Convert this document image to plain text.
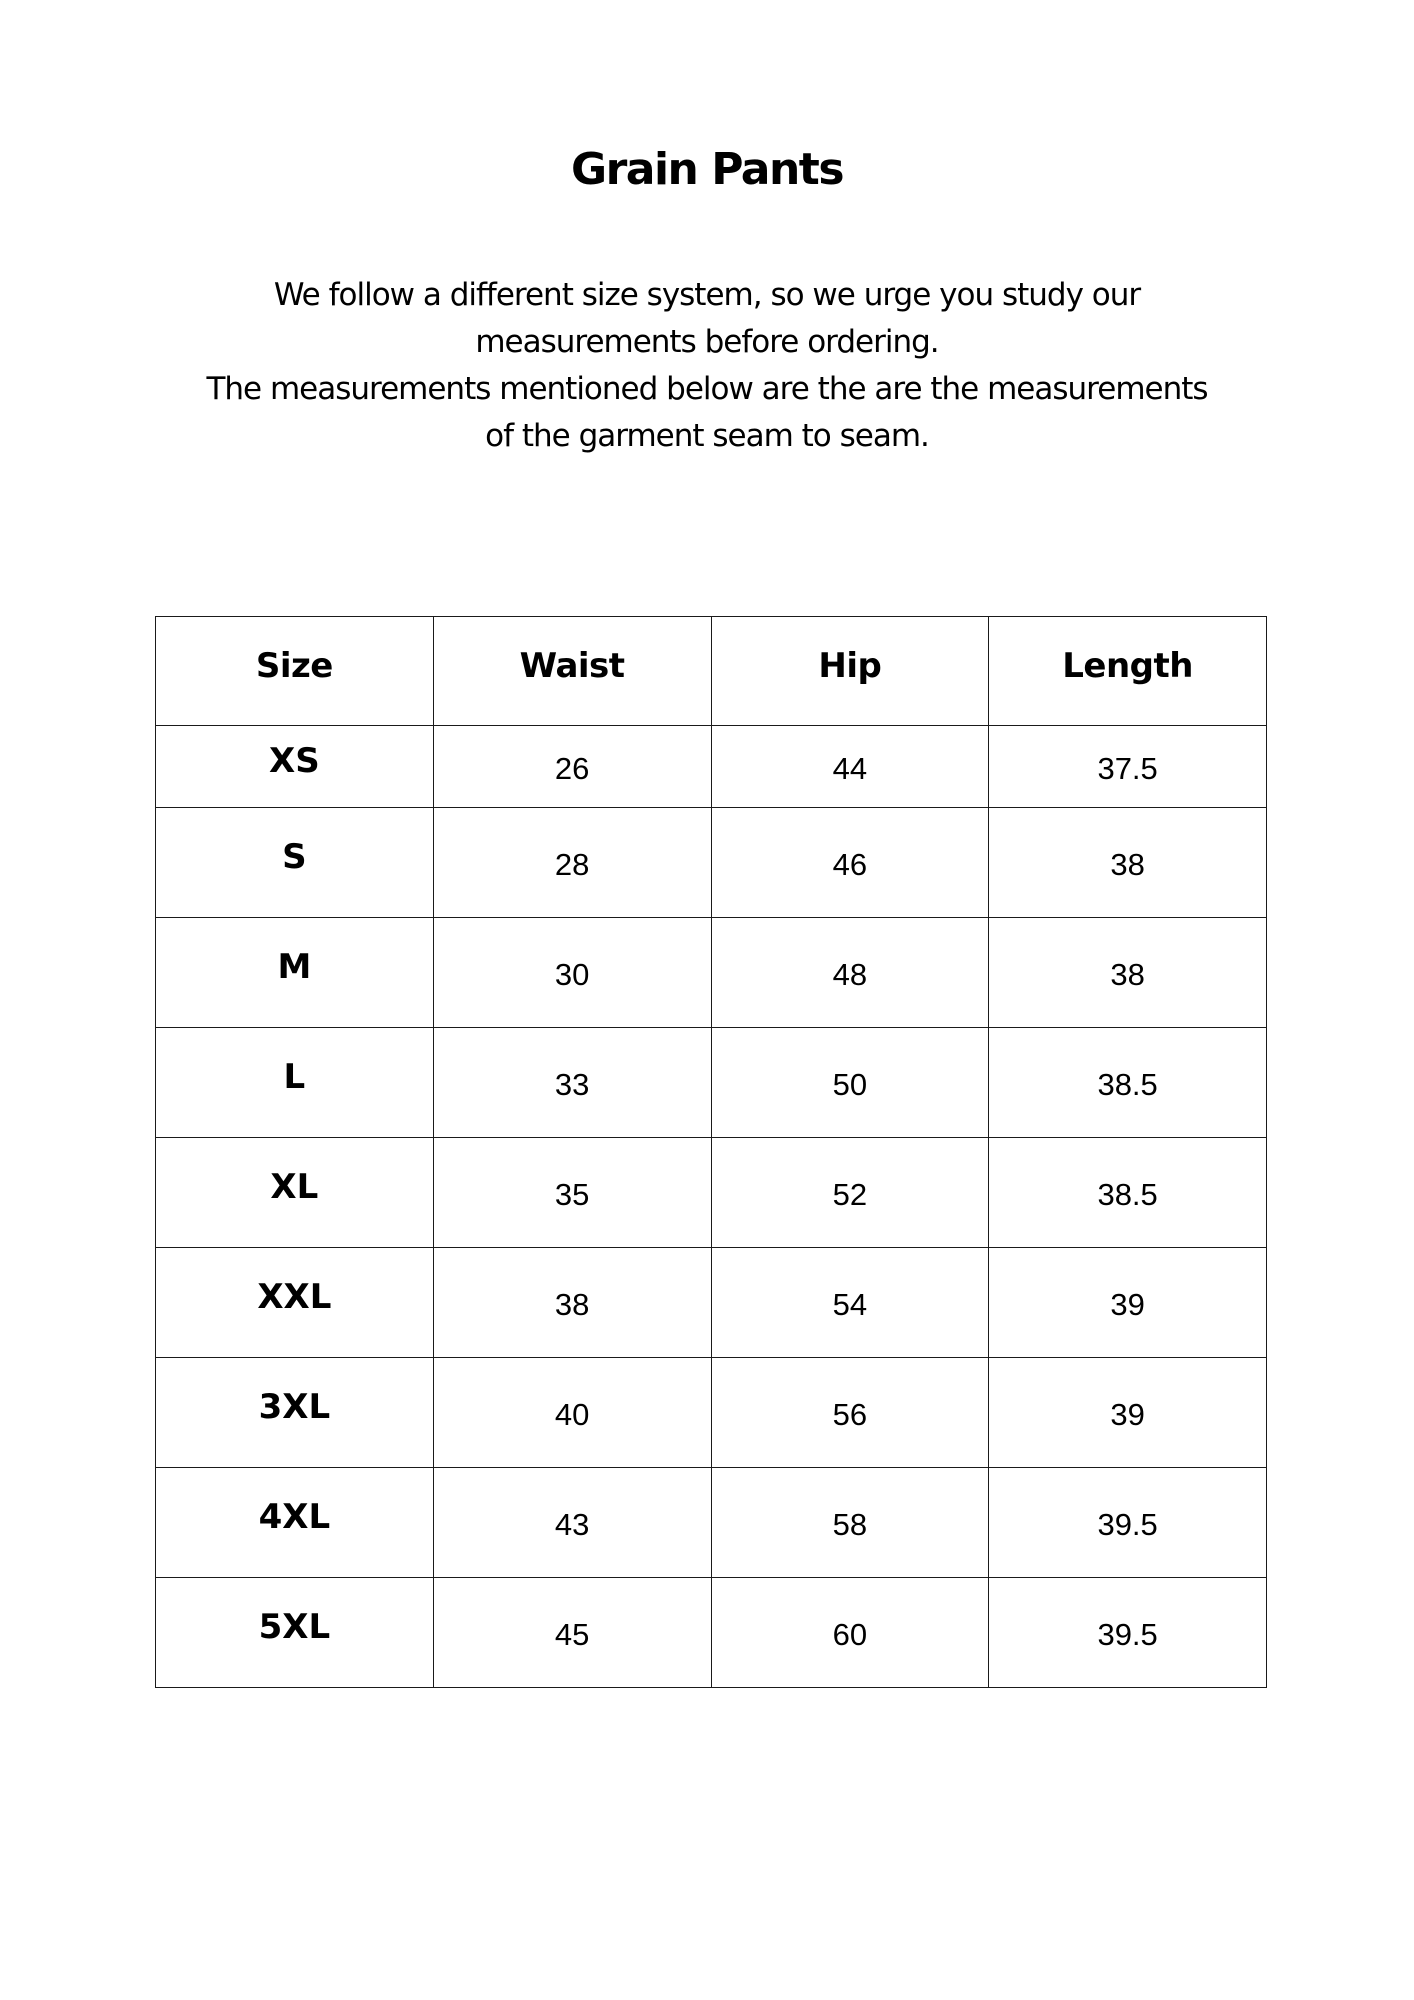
Grain Pants

We follow a different size system, so we urge you study our

measurements before ordering.

The measurements mentioned below are the are the measurements

of the garment seam to seam.

Size	Waist	Hip	Length
XS	26	44	37.5
S	28	46	38
M	30	48	38
L	33	50	38.5
XL	35	52	38.5
XXL	38	54	39
3XL	40	56	39
4XL	43	58	39.5
5XL	45	60	39.5
